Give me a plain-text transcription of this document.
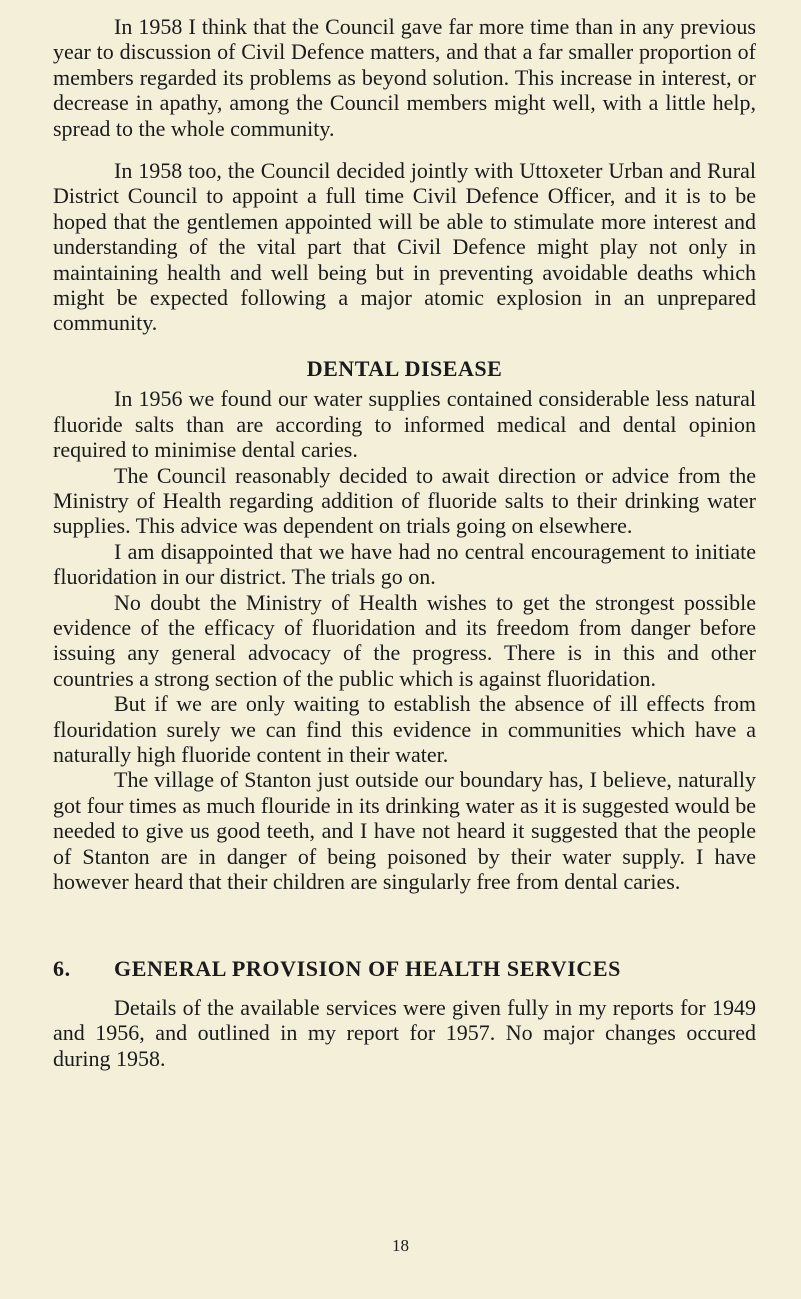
In 1958 I think that the Council gave far more time than in any previous year to discussion of Civil Defence matters, and that a far smaller proportion of members regarded its problems as beyond solution. This increase in interest, or decrease in apathy, among the Council members might well, with a little help, spread to the whole community.

In 1958 too, the Council decided jointly with Uttoxeter Urban and Rural District Council to appoint a full time Civil Defence Officer, and it is to be hoped that the gentlemen appointed will be able to stimulate more interest and understanding of the vital part that Civil Defence might play not only in maintaining health and well being but in preventing avoidable deaths which might be expected following a major atomic explosion in an unprepared community.

DENTAL DISEASE

In 1956 we found our water supplies contained considerable less natural fluoride salts than are according to informed medical and dental opinion required to minimise dental caries.

The Council reasonably decided to await direction or advice from the Ministry of Health regarding addition of fluoride salts to their drinking water supplies. This advice was dependent on trials going on elsewhere.

I am disappointed that we have had no central encouragement to initiate fluoridation in our district. The trials go on.

No doubt the Ministry of Health wishes to get the strongest possible evidence of the efficacy of fluoridation and its freedom from danger before issuing any general advocacy of the progress. There is in this and other countries a strong section of the public which is against fluoridation.

But if we are only waiting to establish the absence of ill effects from flouridation surely we can find this evidence in communities which have a naturally high fluoride content in their water.

The village of Stanton just outside our boundary has, I believe, naturally got four times as much flouride in its drinking water as it is suggested would be needed to give us good teeth, and I have not heard it suggested that the people of Stanton are in danger of being poisoned by their water supply. I have however heard that their children are singularly free from dental caries.

6.	GENERAL PROVISION OF HEALTH SERVICES

Details of the available services were given fully in my reports for 1949 and 1956, and outlined in my report for 1957. No major changes occured during 1958.

18
